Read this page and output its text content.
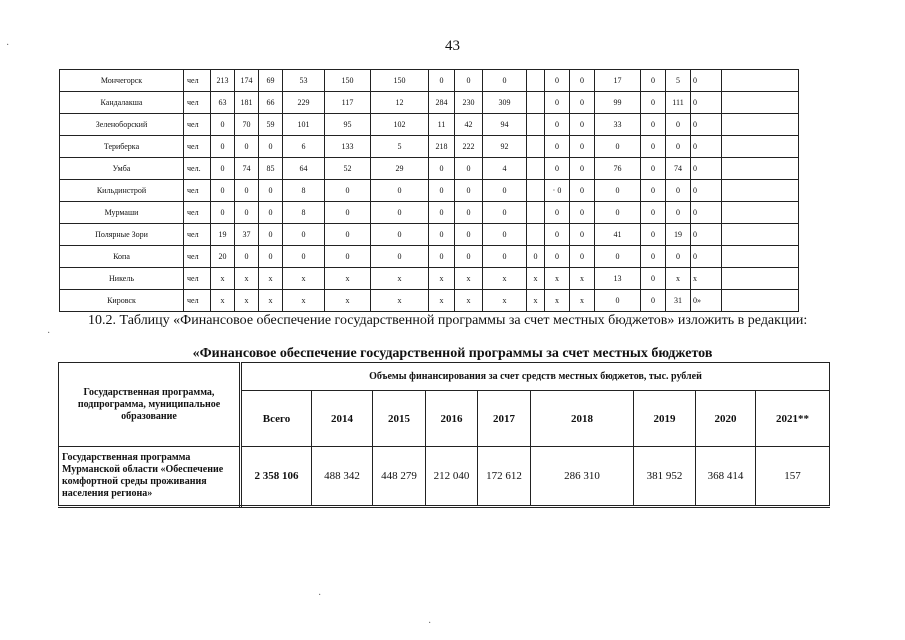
43
·
·
·
·
Мончегорск	чел	213	174	69	53	150	150	0	0	0		0	0	17	0	5	0	
Кандалакша	чел	63	181	66	229	117	12	284	230	309		0	0	99	0	111	0	
Зеленоборский	чел	0	70	59	101	95	102	11	42	94		0	0	33	0	0	0	
Териберка	чел	0	0	0	6	133	5	218	222	92		0	0	0	0	0	0	
Умба	чел.	0	74	85	64	52	29	0	0	4		0	0	76	0	74	0	
Кильдинстрой	чел	0	0	0	8	0	0	0	0	0		· 0	0	0	0	0	0	
Мурмаши	чел	0	0	0	8	0	0	0	0	0		0	0	0	0	0	0	
Полярные Зори	чел	19	37	0	0	0	0	0	0	0		0	0	41	0	19	0	
Копа	чел	20	0	0	0	0	0	0	0	0	0	0	0	0	0	0	0	
Никель	чел	х	х	х	х	х	х	х	х	х	х	х	х	13	0	х	х	
Кировск	чел	х	х	х	х	х	х	х	х	х	х	х	х	0	0	31	0»	
10.2. Таблицу «Финансовое обеспечение государственной программы за счет местных бюджетов» изложить в редакции:
«Финансовое обеспечение государственной программы за счет местных бюджетов
Государственная программа, подпрограмма, муниципальное образование	Объемы финансирования за счет средств местных бюджетов, тыс. рублей								
	Всего	2014	2015	2016	2017	2018	2019	2020	2021**
Государственная программа Мурманской области «Обеспечение комфортной среды проживания населения региона»	2 358 106	488 342	448 279	212 040	172 612	286 310	381 952	368 414	157
